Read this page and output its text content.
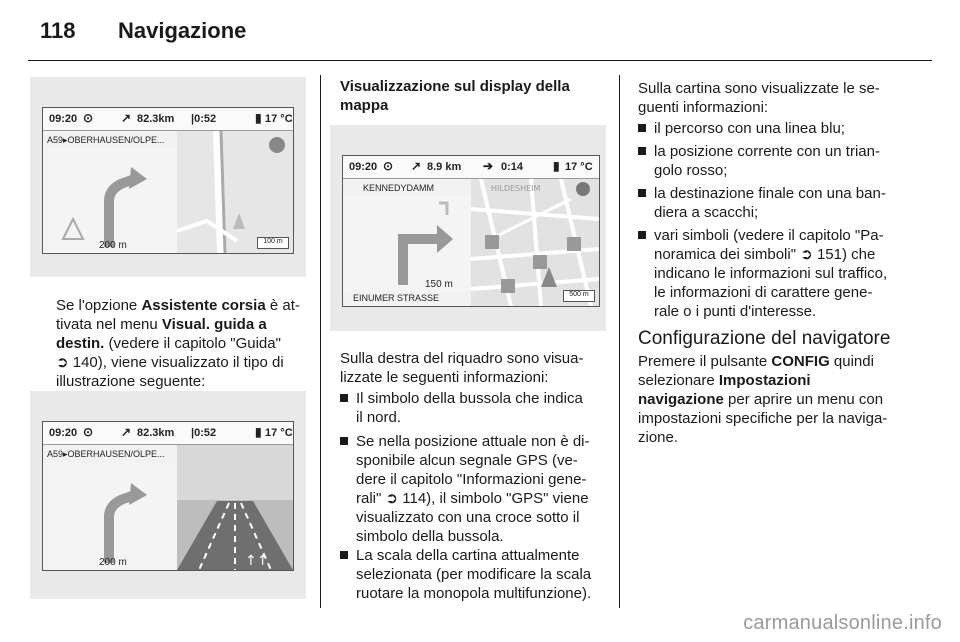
118 Navigazione
09:20 ⊙ ↗ 82.3km |0:52	▮ 17 °C
A59▸OBERHAUSEN/OLPE...
200 m	100 m
Se l'opzione Assistente corsia è at-
tivata nel menu Visual. guida a
destin. (vedere il capitolo "Guida"
➲ 140), viene visualizzato il tipo di
illustrazione seguente:
09:20 ⊙ ↗ 82.3km |0:52	▮ 17 °C
A59▸OBERHAUSEN/OLPE...
200 m	↑↑
Visualizzazione sul display della
mappa
09:20 ⊙ ↗ 8.9 km ➔ 0:14 ▮ 17 °C
KENNEDYDAMM
150 m
EINUMER STRASSE
HILDESHEIM
500 m
Sulla destra del riquadro sono visua-
lizzate le seguenti informazioni:
Il simbolo della bussola che indica
il nord.
Se nella posizione attuale non è di-
sponibile alcun segnale GPS (ve-
dere il capitolo "Informazioni gene-
rali" ➲ 114), il simbolo "GPS" viene
visualizzato con una croce sotto il
simbolo della bussola.
La scala della cartina attualmente
selezionata (per modificare la scala
ruotare la monopola multifunzione).
Sulla cartina sono visualizzate le se-
guenti informazioni:
il percorso con una linea blu;
la posizione corrente con un trian-
golo rosso;
la destinazione finale con una ban-
diera a scacchi;
vari simboli (vedere il capitolo "Pa-
noramica dei simboli" ➲ 151) che
indicano le informazioni sul traffico,
le informazioni di carattere gene-
rale o i punti d'interesse.
Configurazione del navigatore
Premere il pulsante CONFIG quindi
selezionare Impostazioni
navigazione per aprire un menu con
impostazioni specifiche per la naviga-
zione.
carmanualsonline.info
